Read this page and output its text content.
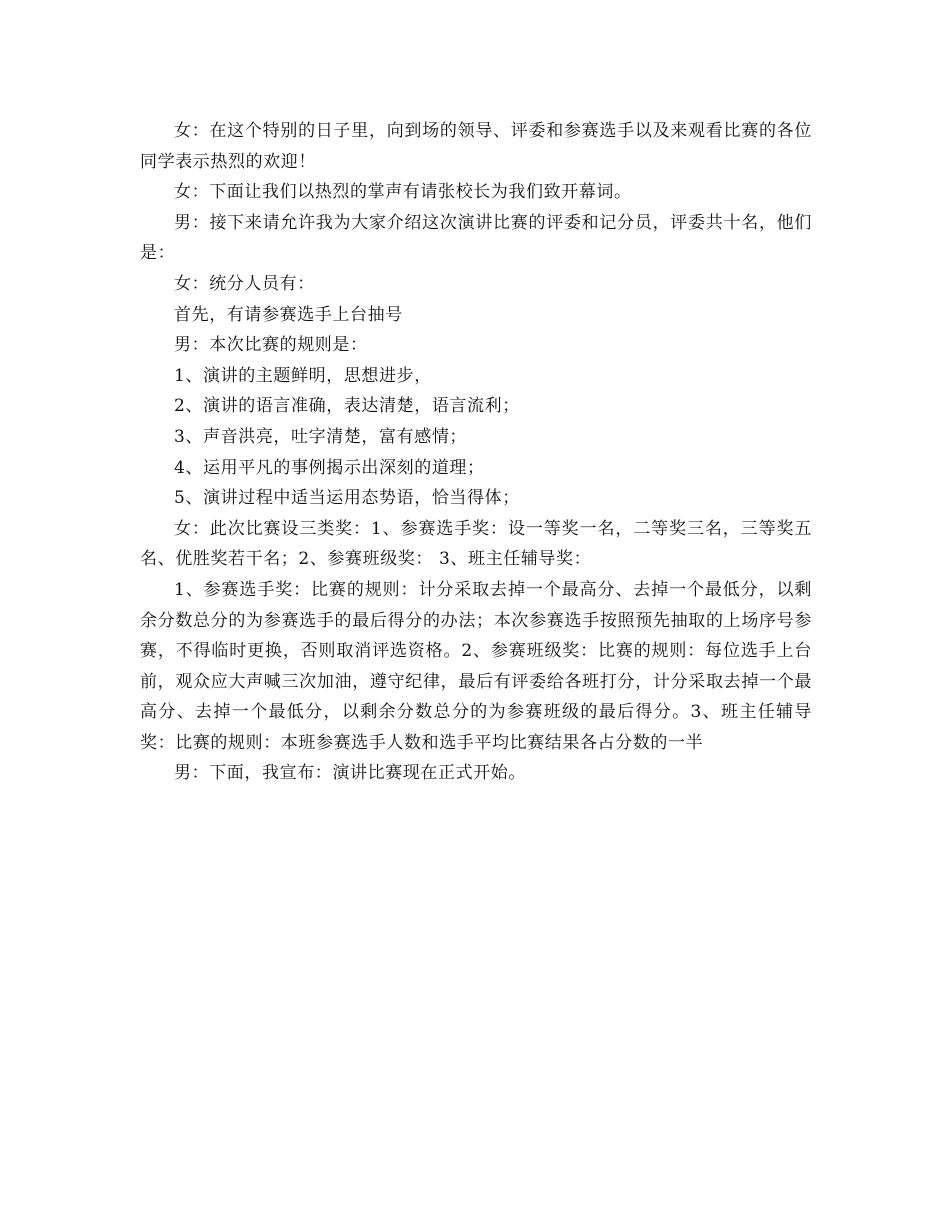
女：在这个特别的日子里，向到场的领导、评委和参赛选手以及来观看比赛的各位同学表示热烈的欢迎！

女：下面让我们以热烈的掌声有请张校长为我们致开幕词。

男：接下来请允许我为大家介绍这次演讲比赛的评委和记分员，评委共十名，他们是：

女：统分人员有：

首先，有请参赛选手上台抽号

男：本次比赛的规则是：

1、演讲的主题鲜明，思想进步，

2、演讲的语言准确，表达清楚，语言流利；

3、声音洪亮，吐字清楚，富有感情；

4、运用平凡的事例揭示出深刻的道理；

5、演讲过程中适当运用态势语，恰当得体；

女：此次比赛设三类奖：1、参赛选手奖：设一等奖一名，二等奖三名，三等奖五名、优胜奖若干名；2、参赛班级奖： 3、班主任辅导奖：

1、参赛选手奖：比赛的规则：计分采取去掉一个最高分、去掉一个最低分，以剩余分数总分的为参赛选手的最后得分的办法；本次参赛选手按照预先抽取的上场序号参赛，不得临时更换，否则取消评选资格。2、参赛班级奖：比赛的规则：每位选手上台前，观众应大声喊三次加油，遵守纪律，最后有评委给各班打分，计分采取去掉一个最高分、去掉一个最低分，以剩余分数总分的为参赛班级的最后得分。3、班主任辅导奖：比赛的规则：本班参赛选手人数和选手平均比赛结果各占分数的一半

男：下面，我宣布：演讲比赛现在正式开始。
